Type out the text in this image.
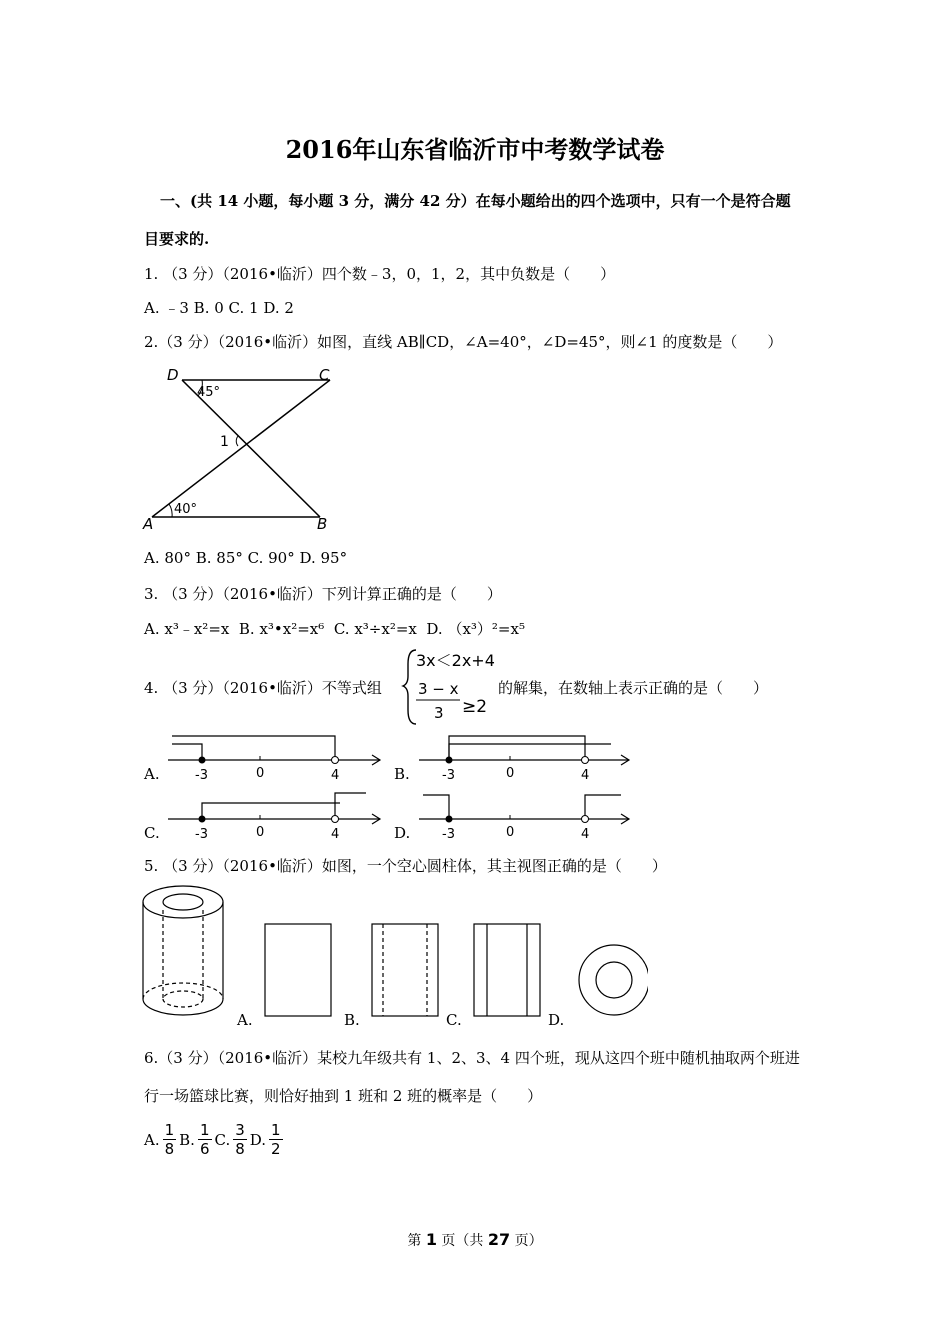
2016年山东省临沂市中考数学试卷
一、(共 14 小题，每小题 3 分，满分 42 分）在每小题给出的四个选项中，只有一个是符合题
目要求的.
1. （3 分）（2016•临沂）四个数﹣3，0，1，2，其中负数是（　　）
A. ﹣3 B. 0 C. 1 D. 2
2.（3 分）（2016•临沂）如图，直线 AB∥CD，∠A=40°，∠D=45°，则∠1 的度数是（　　）
D	C
A	B
1
45°
40°
A. 80° B. 85° C. 90° D. 95°
3. （3 分）（2016•临沂）下列计算正确的是（　　）
A. x³﹣x²=x B. x³•x²=x⁶ C. x³÷x²=x D. （x³）²=x⁵
4. （3 分）（2016•临沂）不等式组
3x＜2x+4
3 − x
3 ≥2
的解集，在数轴上表示正确的是（　　）
A.	-3	0	4	B. -3	0	4
C.	-3	0	4	D. -3	0	4
5. （3 分）（2016•临沂）如图，一个空心圆柱体，其主视图正确的是（　　）
A.	B.	C.	D.
6.（3 分）（2016•临沂）某校九年级共有 1、2、3、4 四个班，现从这四个班中随机抽取两个班进
行一场篮球比赛，则恰好抽到 1 班和 2 班的概率是（　　）
A. $\frac{1}{8} B$. $\frac{1}{6} C$. $\frac{3}{8} D$. $\frac{1}{2}$
第 1 页（共 27 页）
